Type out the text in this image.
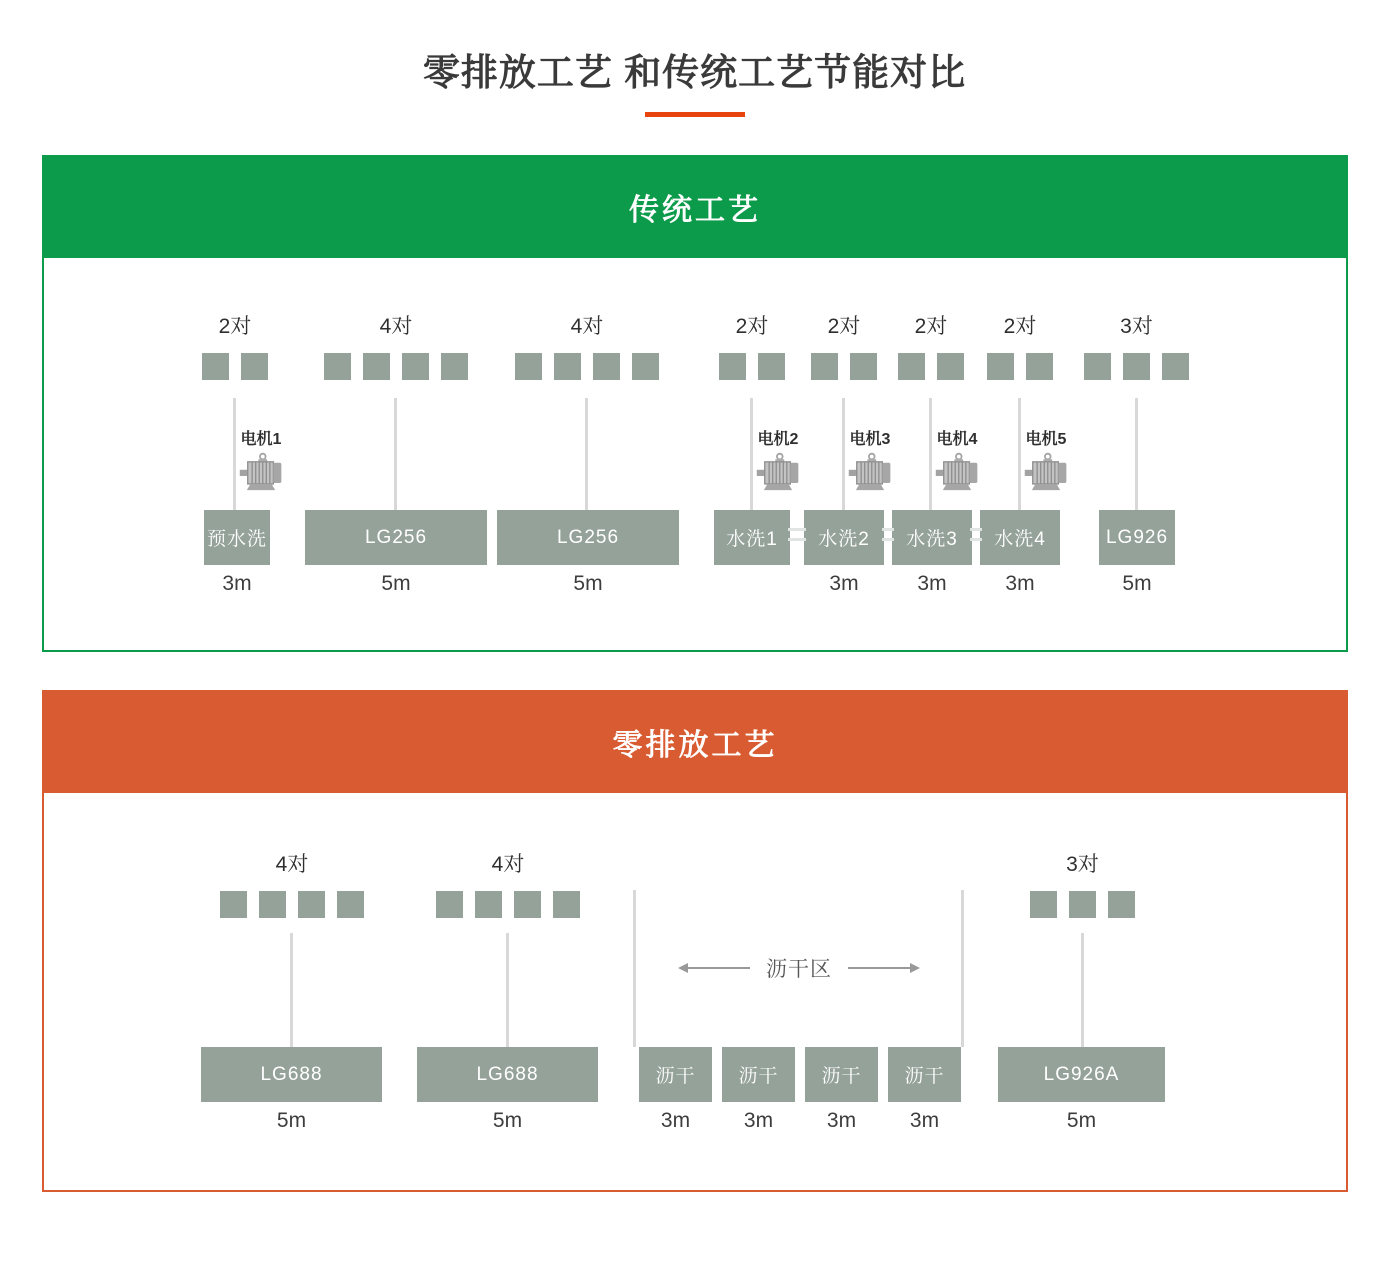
零排放工艺 和传统工艺节能对比
传统工艺
2对	4对	4对	2对	2对	2对	2对	3对
电机1	电机2	电机3	电机4	电机5
预水洗	LG256	LG256	水洗1 水洗2 水洗3 水洗4	LG926
3m	5m	5m	3m	3m	3m	5m
零排放工艺
4对	4对	3对
沥干区
LG688	LG688	沥干 沥干 沥干 沥干	LG926A
5m	5m	3m	3m	3m	3m	5m
